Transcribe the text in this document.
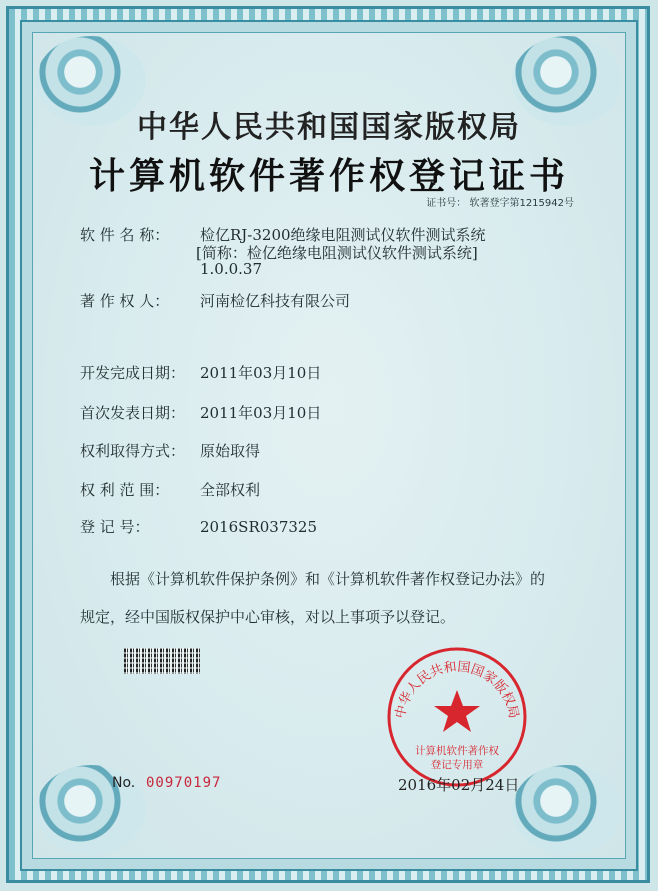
中华人民共和国国家版权局
计算机软件著作权登记证书
证书号： 软著登字第1215942号
软 件 名 称： 检亿RJ-3200绝缘电阻测试仪软件测试系统
[简称：检亿绝缘电阻测试仪软件测试系统]
1.0.0.37
著 作 权 人： 河南检亿科技有限公司
开发完成日期： 2011年03月10日
首次发表日期： 2011年03月10日
权利取得方式： 原始取得
权 利 范 围： 全部权利
登 记 号：	2016SR037325
根据《计算机软件保护条例》和《计算机软件著作权登记办法》的
规定，经中国版权保护中心审核，对以上事项予以登记。
中华人民共和国国家版权局
计算机软件著作权
登记专用章
No. 00970197	2016年02月24日
